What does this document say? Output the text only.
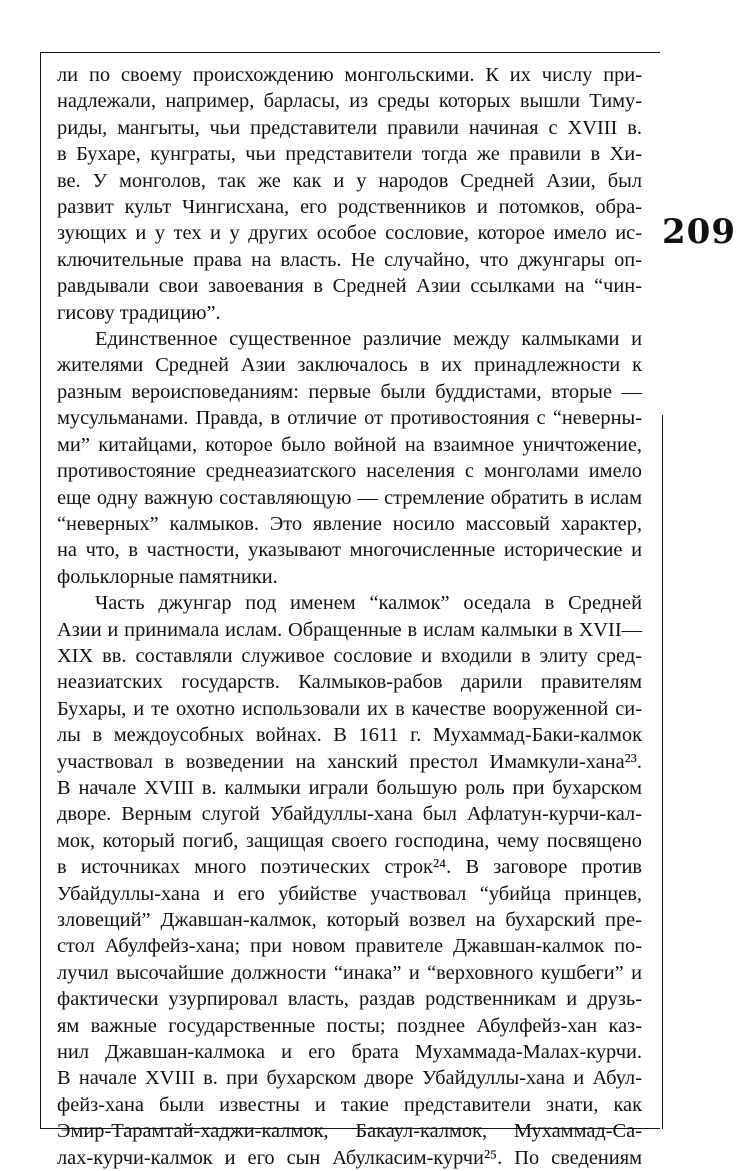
209
ли по своему происхождению монгольскими. К их числу при-
надлежали, например, барласы, из среды которых вышли Тиму-
риды, мангыты, чьи представители правили начиная с XVIII в.
в Бухаре, кунграты, чьи представители тогда же правили в Хи-
ве. У монголов, так же как и у народов Средней Азии, был
развит культ Чингисхана, его родственников и потомков, обра-
зующих и у тех и у других особое сословие, которое имело ис-
ключительные права на власть. Не случайно, что джунгары оп-
равдывали свои завоевания в Средней Азии ссылками на “чин-
гисову традицию”.
Единственное существенное различие между калмыками и
жителями Средней Азии заключалось в их принадлежности к
разным вероисповеданиям: первые были буддистами, вторые —
мусульманами. Правда, в отличие от противостояния с “неверны-
ми” китайцами, которое было войной на взаимное уничтожение,
противостояние среднеазиатского населения с монголами имело
еще одну важную составляющую — стремление обратить в ислам
“неверных” калмыков. Это явление носило массовый характер,
на что, в частности, указывают многочисленные исторические и
фольклорные памятники.
Часть джунгар под именем “калмок” оседала в Средней
Азии и принимала ислам. Обращенные в ислам калмыки в XVII—
XIX вв. составляли служивое сословие и входили в элиту сред-
неазиатских государств. Калмыков-рабов дарили правителям
Бухары, и те охотно использовали их в качестве вооруженной си-
лы в междоусобных войнах. В 1611 г. Мухаммад-Баки-калмок
участвовал в возведении на ханский престол Имамкули-хана²³.
В начале XVIII в. калмыки играли большую роль при бухарском
дворе. Верным слугой Убайдуллы-хана был Афлатун-курчи-кал-
мок, который погиб, защищая своего господина, чему посвящено
в источниках много поэтических строк²⁴. В заговоре против
Убайдуллы-хана и его убийстве участвовал “убийца принцев,
зловещий” Джавшан-калмок, который возвел на бухарский пре-
стол Абулфейз-хана; при новом правителе Джавшан-калмок по-
лучил высочайшие должности “инака” и “верховного кушбеги” и
фактически узурпировал власть, раздав родственникам и друзь-
ям важные государственные посты; позднее Абулфейз-хан каз-
нил Джавшан-калмока и его брата Мухаммада-Малах-курчи.
В начале XVIII в. при бухарском дворе Убайдуллы-хана и Абул-
фейз-хана были известны и такие представители знати, как
Эмир-Тарамтай-хаджи-калмок, Бакаул-калмок, Мухаммад-Са-
лах-курчи-калмок и его сын Абулкасим-курчи²⁵. По сведениям
